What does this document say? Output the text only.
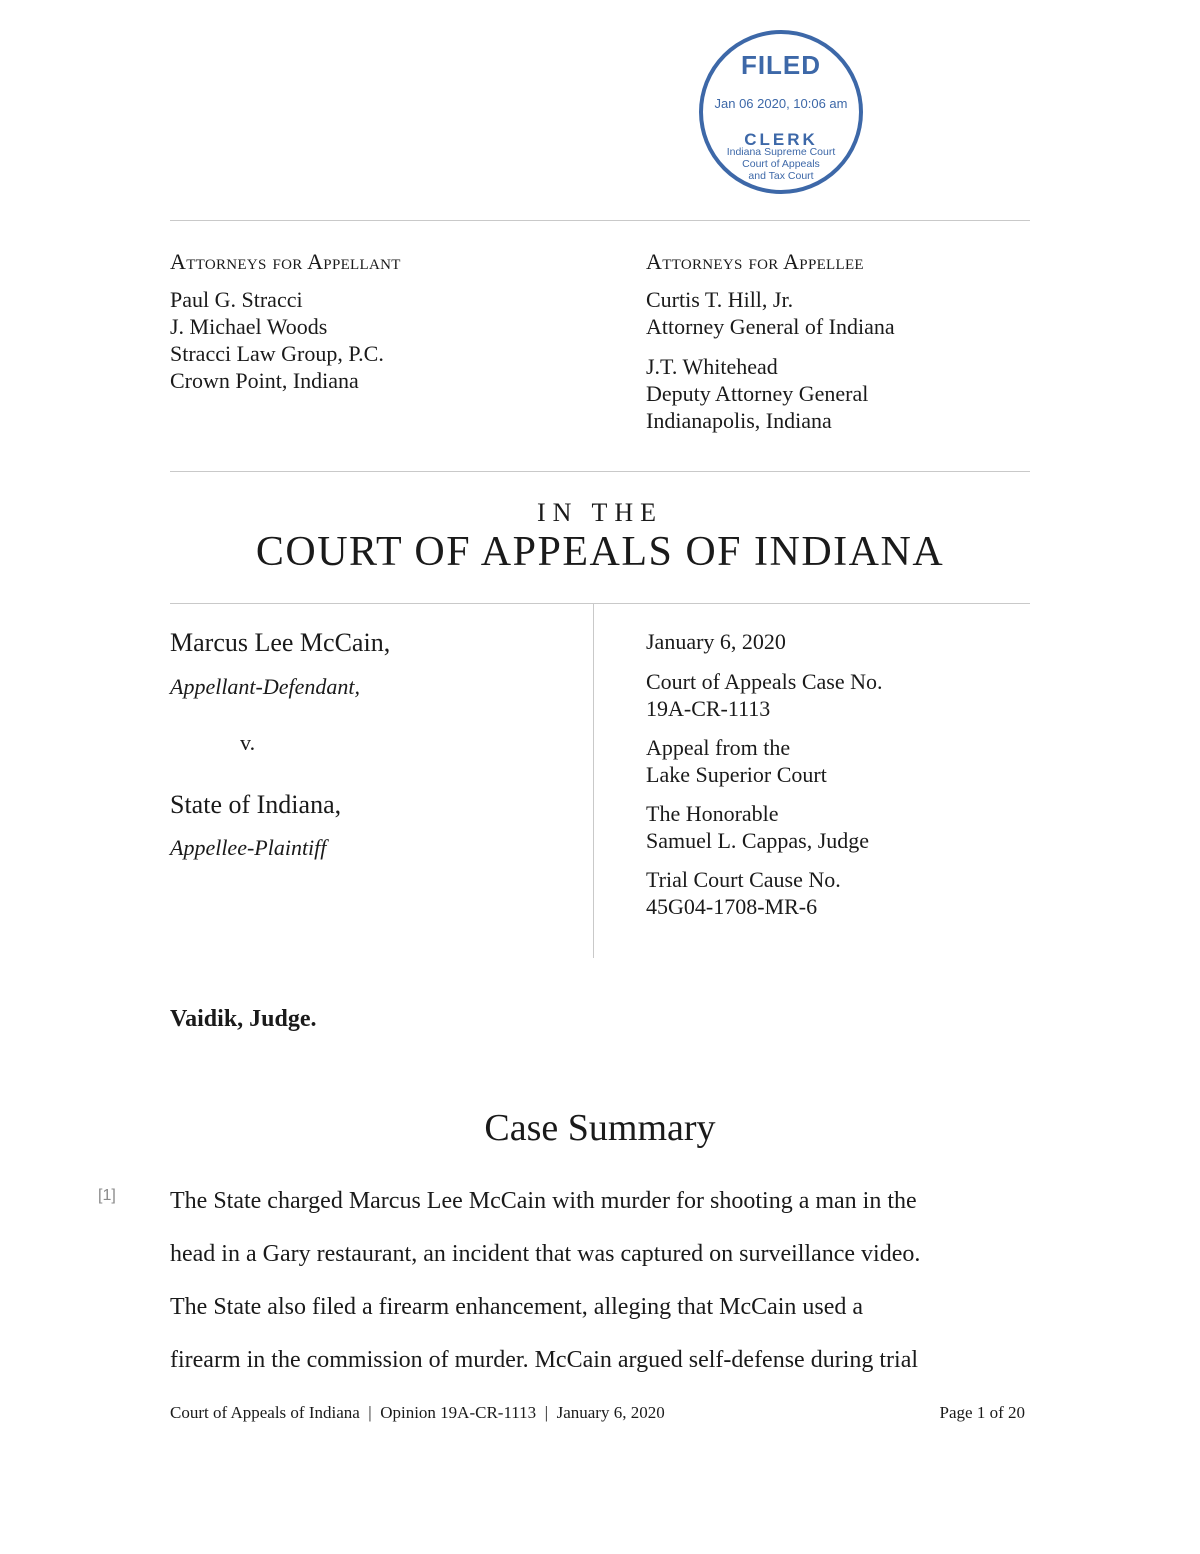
FILED
Jan 06 2020, 10:06 am
CLERK
Indiana Supreme Court
Court of Appeals
and Tax Court
Attorneys for Appellant
Paul G. Stracci
J. Michael Woods
Stracci Law Group, P.C.
Crown Point, Indiana
Attorneys for Appellee
Curtis T. Hill, Jr.
Attorney General of Indiana
J.T. Whitehead
Deputy Attorney General
Indianapolis, Indiana
IN THE
COURT OF APPEALS OF INDIANA
Marcus Lee McCain,
Appellant-Defendant,
v.
State of Indiana,
Appellee-Plaintiff
January 6, 2020
Court of Appeals Case No.
19A-CR-1113
Appeal from the
Lake Superior Court
The Honorable
Samuel L. Cappas, Judge
Trial Court Cause No.
45G04-1708-MR-6
Vaidik, Judge.
Case Summary
[1] The State charged Marcus Lee McCain with murder for shooting a man in the
head in a Gary restaurant, an incident that was captured on surveillance video.
The State also filed a firearm enhancement, alleging that McCain used a
firearm in the commission of murder. McCain argued self-defense during trial
Court of Appeals of Indiana  |  Opinion 19A-CR-1113  |  January 6, 2020	Page 1 of 20
